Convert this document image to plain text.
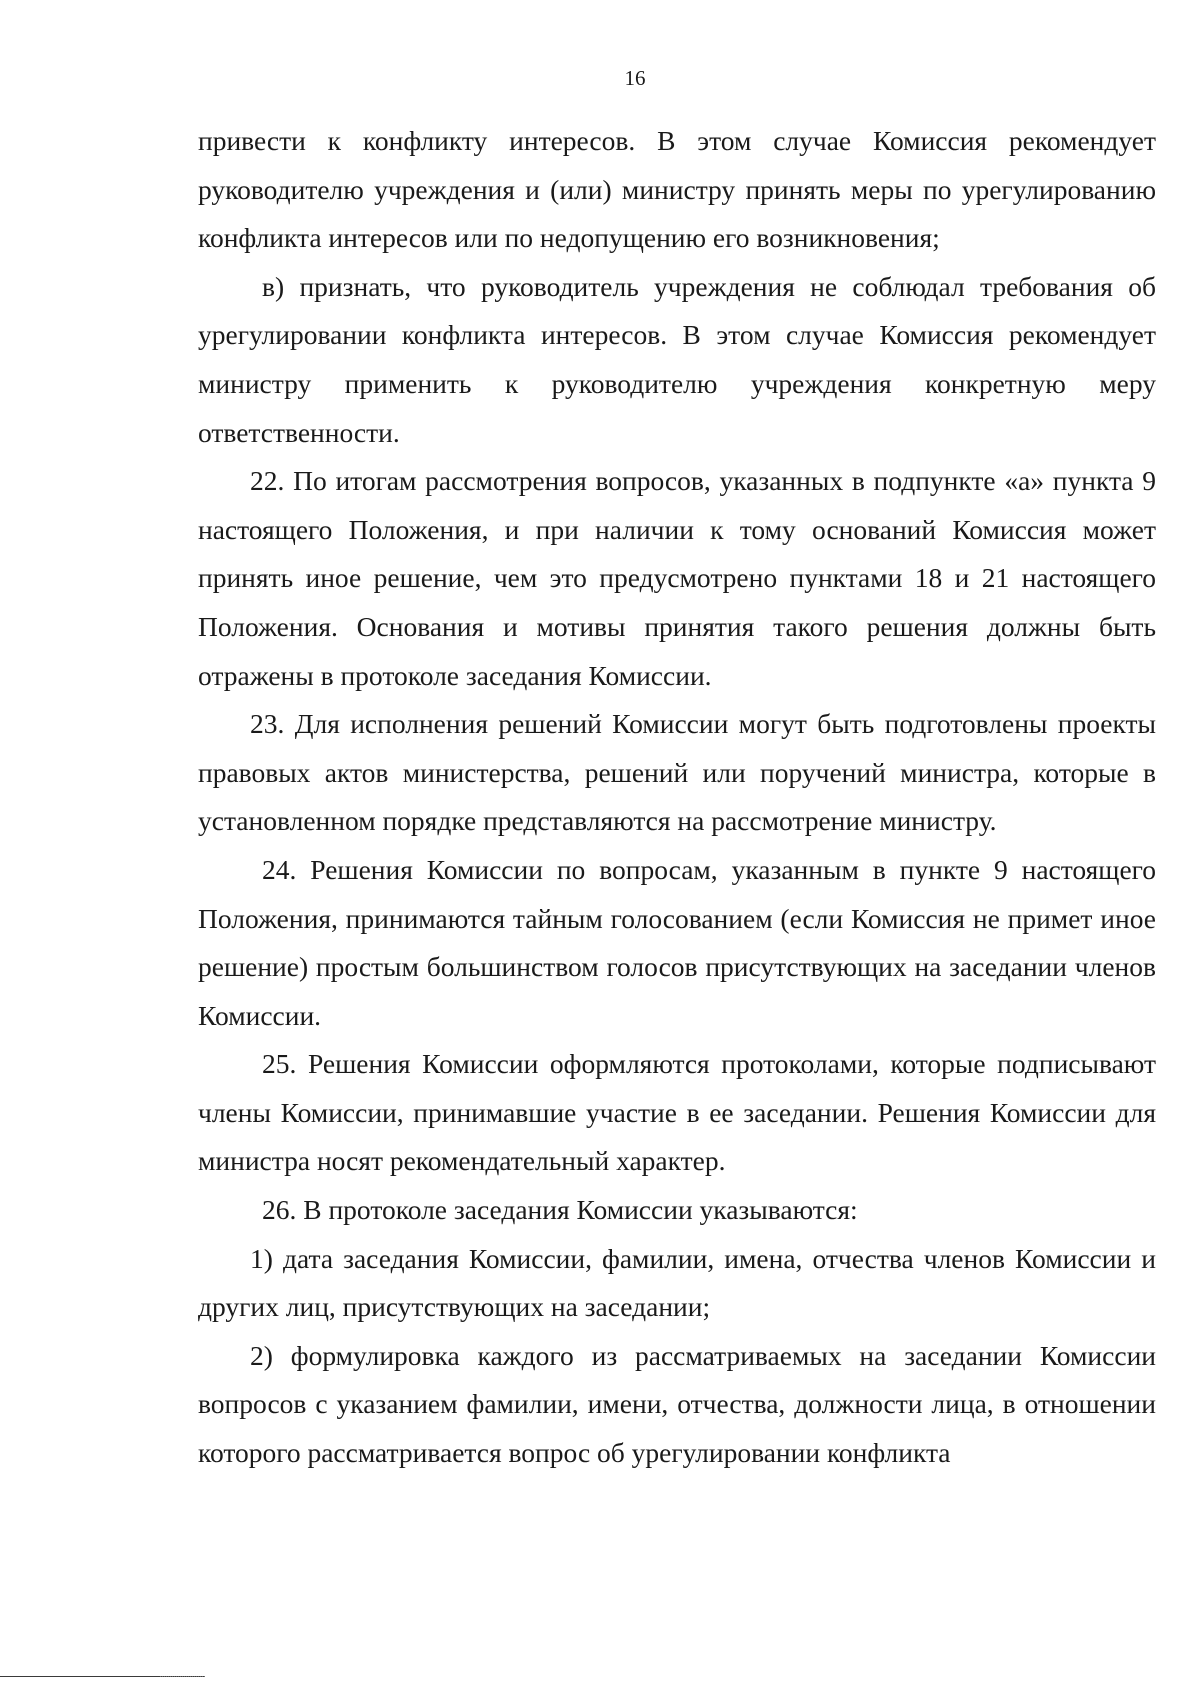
16

привести к конфликту интересов. В этом случае Комиссия рекомендует руководителю учреждения и (или) министру принять меры по урегулированию конфликта интересов или по недопущению его возникновения;

в) признать, что руководитель учреждения не соблюдал требования об урегулировании конфликта интересов. В этом случае Комиссия рекомендует министру применить к руководителю учреждения конкретную меру ответственности.

22. По итогам рассмотрения вопросов, указанных в подпункте «а» пункта 9 настоящего Положения, и при наличии к тому оснований Комиссия может принять иное решение, чем это предусмотрено пунктами 18 и 21 настоящего Положения. Основания и мотивы принятия такого решения должны быть отражены в протоколе заседания Комиссии.

23. Для исполнения решений Комиссии могут быть подготовлены проекты правовых актов министерства, решений или поручений министра, которые в установленном порядке представляются на рассмотрение министру.

24. Решения Комиссии по вопросам, указанным в пункте 9 настоящего Положения, принимаются тайным голосованием (если Комиссия не примет иное решение) простым большинством голосов присутствующих на заседании членов Комиссии.

25. Решения Комиссии оформляются протоколами, которые подписывают члены Комиссии, принимавшие участие в ее заседании. Решения Комиссии для министра носят рекомендательный характер.

26. В протоколе заседания Комиссии указываются:

1) дата заседания Комиссии, фамилии, имена, отчества членов Комиссии и других лиц, присутствующих на заседании;

2) формулировка каждого из рассматриваемых на заседании Комиссии вопросов с указанием фамилии, имени, отчества, должности лица, в отношении которого рассматривается вопрос об урегулировании конфликта
